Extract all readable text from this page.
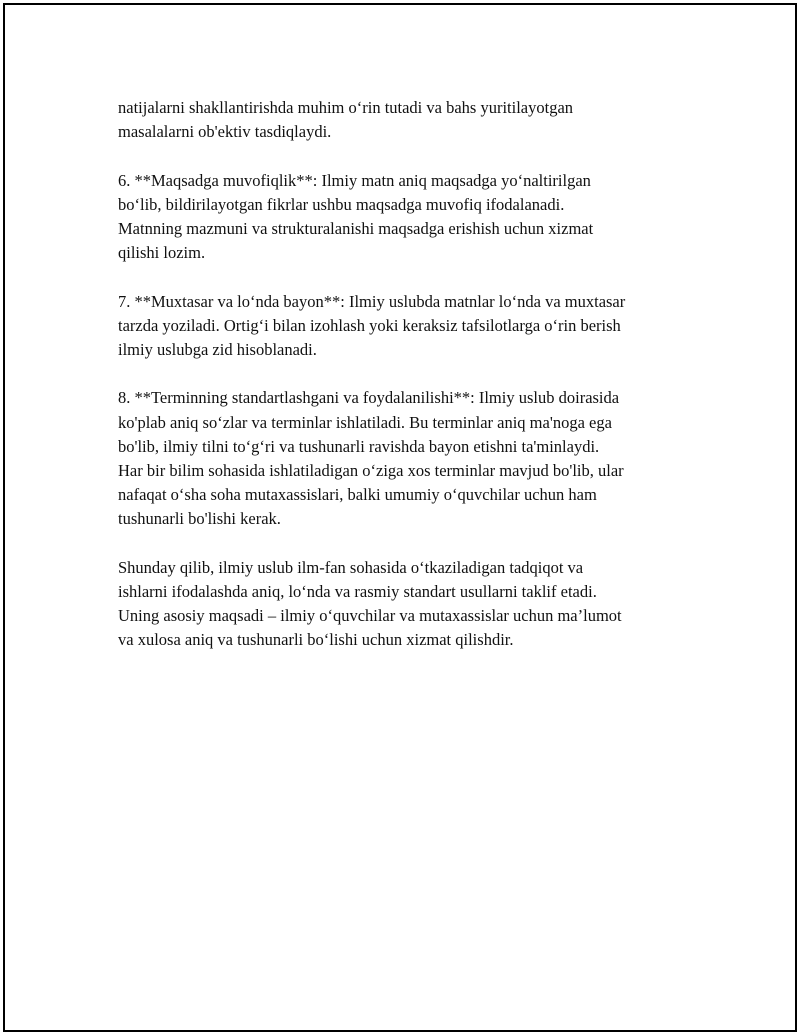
natijalarni shakllantirishda muhim o‘rin tutadi va bahs yuritilayotgan
masalalarni ob'ektiv tasdiqlaydi.

6. **Maqsadga muvofiqlik**: Ilmiy matn aniq maqsadga yo‘naltirilgan
bo‘lib, bildirilayotgan fikrlar ushbu maqsadga muvofiq ifodalanadi.
Matnning mazmuni va strukturalanishi maqsadga erishish uchun xizmat
qilishi lozim.

7. **Muxtasar va lo‘nda bayon**: Ilmiy uslubda matnlar lo‘nda va muxtasar
tarzda yoziladi. Ortig‘i bilan izohlash yoki keraksiz tafsilotlarga o‘rin berish
ilmiy uslubga zid hisoblanadi.

8. **Terminning standartlashgani va foydalanilishi**: Ilmiy uslub doirasida
ko'plab aniq so‘zlar va terminlar ishlatiladi. Bu terminlar aniq ma'noga ega
bo'lib, ilmiy tilni to‘g‘ri va tushunarli ravishda bayon etishni ta'minlaydi.
Har bir bilim sohasida ishlatiladigan o‘ziga xos terminlar mavjud bo'lib, ular
nafaqat o‘sha soha mutaxassislari, balki umumiy o‘quvchilar uchun ham
tushunarli bo'lishi kerak.

Shunday qilib, ilmiy uslub ilm-fan sohasida o‘tkaziladigan tadqiqot va
ishlarni ifodalashda aniq, lo‘nda va rasmiy standart usullarni taklif etadi.
Uning asosiy maqsadi – ilmiy o‘quvchilar va mutaxassislar uchun ma’lumot
va xulosa aniq va tushunarli bo‘lishi uchun xizmat qilishdir.
